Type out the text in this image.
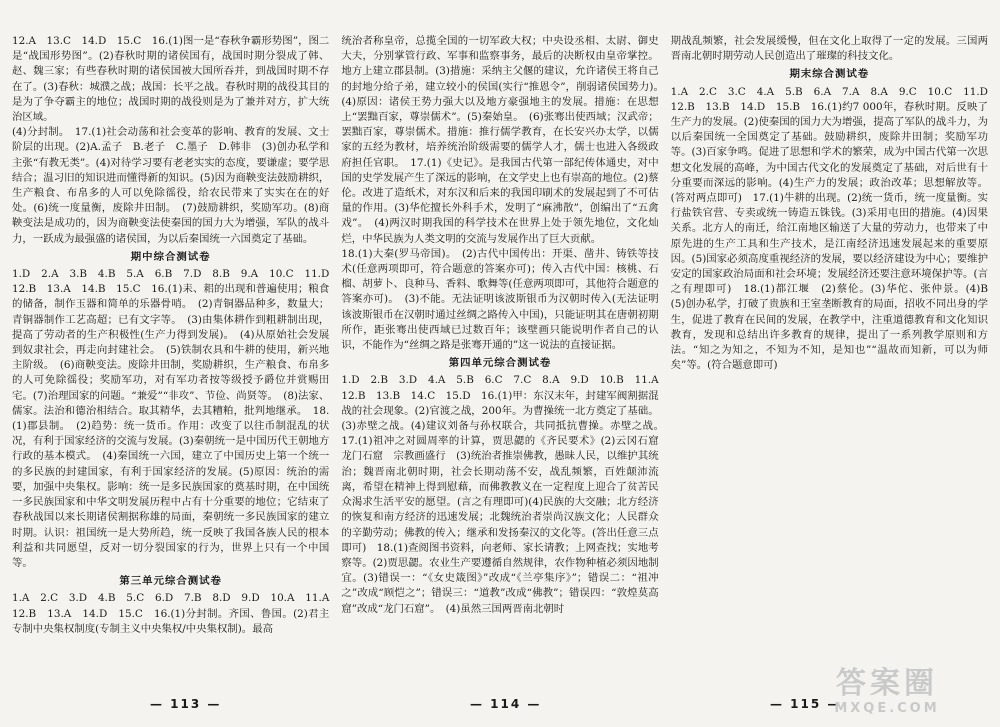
12.A　13.C　14.D　15.C　16.(1)图一是“春秋争霸形势图”，图二是“战国形势图”。(2)春秋时期的诸侯国有，战国时期分裂成了韩、赵、魏三家；有些春秋时期的诸侯国被大国所吞并，到战国时期不存在了。(3)春秋：城濮之战；战国：长平之战。春秋时期的战役其目的是为了争夺霸主的地位；战国时期的战役则是为了兼并对方，扩大统治区域。

(4)分封制。　17.(1)社会动荡和社会变革的影响、教育的发展、文士阶层的出现。(2)A.孟子　B.老子　C.墨子　D.韩非　(3)创办私学和主张“有教无类”。(4)对待学习要有老老实实的态度，要谦虚；要学思结合；温习旧的知识进而懂得新的知识。(5)因为商鞅变法鼓励耕织，生产粮食、布帛多的人可以免除徭役，给农民带来了实实在在的好处。(6)统一度量衡，废除井田制。　(7)鼓励耕织，奖励军功。(8)商鞅变法是成功的，因为商鞅变法使秦国的国力大为增强，军队的战斗力，一跃成为最强盛的诸侯国，为以后秦国统一六国奠定了基础。

期中综合测试卷

1.D　2.A　3.B　4.B　5.A　6.B　7.D　8.B　9.A　10.C　11.D　12.B　13.A　14.B　15.C　16.(1)耒、耜的出现和普遍使用；粮食的储备，制作玉器和简单的乐器骨哨。　(2)青铜器品种多，数量大；青铜器制作工艺高超；已有文字等。　(3)由集体耕作到粗耕制出现，提高了劳动者的生产积极性(生产力得到发展)。　(4)从原始社会发展到奴隶社会，再走向封建社会。　(5)铁制农具和牛耕的使用，新兴地主阶级。　(6)商鞅变法。废除井田制，奖励耕织，生产粮食、布帛多的人可免除徭役；奖励军功，对有军功者按等级授予爵位并赏赐田宅。(7)治理国家的问题。“兼爱”“非攻”、节俭、尚贤等。　(8)法家、儒家。法治和德治相结合。取其精华，去其糟粕，批判地继承。　18.(1)郡县制。　(2)趋势：统一货币。作用：改变了以往币制混乱的状况，有利于国家经济的交流与发展。(3)秦朝统一是中国历代王朝地方行政的基本模式。　(4)秦国统一六国，建立了中国历史上第一个统一的多民族的封建国家，有利于国家经济的发展。(5)原因：统治的需要，加强中央集权。影响：统一是多民族国家的奠基时期，在中国统一多民族国家和中华文明发展历程中占有十分重要的地位；它结束了春秋战国以来长期诸侯割据称雄的局面，秦朝统一多民族国家的建立时期。认识：祖国统一是大势所趋，统一反映了我国各族人民的根本利益和共同愿望，反对一切分裂国家的行为，世界上只有一个中国等。

第三单元综合测试卷

1.A　2.C　3.D　4.B　5.C　6.D　7.B　8.D　9.D　10.A　11.A　12.B　13.A　14.D　15.C　16.(1)分封制。齐国、鲁国。(2)君主专制中央集权制度(专制主义中央集权/中央集权制)。最高

统治者称皇帝，总揽全国的一切军政大权；中央设丞相、太尉、御史大夫，分别掌管行政、军事和监察事务，最后的决断权由皇帝掌控。地方上建立郡县制。(3)措施：采纳主父偃的建议，允许诸侯王将自己的封地分给子弟，建立较小的侯国(实行“推恩令”，削弱诸侯国势力)。　(4)原因：诸侯王势力强大以及地方豪强地主的发展。措施：在思想上“罢黜百家，尊崇儒术”。(5)秦始皇。　(6)张骞出使西域；汉武帝；罢黜百家，尊崇儒术。措施：推行儒学教育，在长安兴办太学，以儒家的五经为教材，培养统治阶级需要的儒学人才，儒士也进入各级政府担任官职。　17.(1)《史记》。是我国古代第一部纪传体通史，对中国的史学发展产生了深远的影响，在文学史上也有崇高的地位。(2)蔡伦。改进了造纸术，对东汉和后来的我国印刷术的发展起到了不可估量的作用。(3)华佗擅长外科手术，发明了“麻沸散”，创编出了“五禽戏”。　(4)两汉时期我国的科学技术在世界上处于领先地位，文化灿烂，中华民族为人类文明的交流与发展作出了巨大贡献。

18.(1)大秦(罗马帝国)。　(2)古代中国传出：开渠、凿井、铸铁等技术(任意两项即可，符合题意的答案亦可)；传入古代中国：核桃、石榴、胡萝卜、良种马、香料、歌舞等(任意两项即可，其他符合题意的答案亦可)。　(3)不能。无法证明该波斯银币为汉朝时传入(无法证明该波斯银币在汉朝时通过丝绸之路传入中国)，只能证明其在唐朝初期所作，距张骞出使西域已过数百年；该壁画只能说明作者自己的认识，不能作为“丝绸之路是张骞开通的”这一说法的直接证据。

第四单元综合测试卷

1.D　2.B　3.D　4.A　5.B　6.C　7.C　8.A　9.D　10.B　11.A　12.B　13.B　14.C　15.D　16.(1)甲：东汉末年，封建军阀割据混战的社会现象。(2)官渡之战，200年。为曹操统一北方奠定了基础。(3)赤壁之战。(4)建议刘备与孙权联合，共同抵抗曹操。赤壁之战。　17.(1)祖冲之对圆周率的计算，贾思勰的《齐民要术》(2)云冈石窟　龙门石窟　宗教画盛行　(3)统治者推崇佛教，愚昧人民，以维护其统治；魏晋南北朝时期，社会长期动荡不安，战乱频繁，百姓颠沛流离，希望在精神上得到慰藉，而佛教教义在一定程度上迎合了贫苦民众渴求生活平安的愿望。(言之有理即可)(4)民族的大交融；北方经济的恢复和南方经济的迅速发展；北魏统治者崇尚汉族文化；人民群众的辛勤劳动；佛教的传入；继承和发扬秦汉的文化等。(答出任意三点即可)　18.(1)查阅图书资料，向老师、家长请教；上网查找；实地考察等。(2)贾思勰。农业生产要遵循自然规律，农作物种植必须因地制宜。(3)错误一：“《女史箴图》”改成“《兰亭集序》”；错误二：“祖冲之”改成“顾恺之”；错误三：“道教”改成“佛教”；错误四：“敦煌莫高窟”改成“龙门石窟”。　(4)虽然三国两晋南北朝时

期战乱频繁，社会发展缓慢，但在文化上取得了一定的发展。三国两晋南北朝时期劳动人民创造出了璀璨的科技文化。

期末综合测试卷

1.A　2.C　3.C　4.A　5.B　6.A　7.A　8.A　9.C　10.C　11.D　12.B　13.B　14.D　15.B　16.(1)约7 000年，春秋时期。反映了生产力的发展。(2)使秦国的国力大为增强，提高了军队的战斗力，为以后秦国统一全国奠定了基础。鼓励耕织，废除井田制；奖励军功等。(3)百家争鸣。促进了思想和学术的繁荣，成为中国古代第一次思想文化发展的高峰，为中国古代文化的发展奠定了基础，对后世有十分重要而深远的影响。(4)生产力的发展；政治改革；思想解放等。(答对两点即可)　17.(1)牛耕的出现。(2)统一货币，统一度量衡。实行盐铁官营、专卖或统一铸造五铢钱。(3)采用屯田的措施。(4)因果关系。北方人的南迁，给江南地区输送了大量的劳动力，也带来了中原先进的生产工具和生产技术，是江南经济迅速发展起来的重要原因。(5)国家必须高度重视经济的发展，要以经济建设为中心；要维护安定的国家政治局面和社会环境；发展经济还要注意环境保护等。(言之有理即可)　18.(1)都江堰　(2)蔡伦。(3)华佗、张仲景。(4)B　(5)创办私学，打破了贵族和王室垄断教育的局面，招收不同出身的学生，促进了教育在民间的发展，在教学中，注重道德教育和文化知识教育，发现和总结出许多教育的规律，提出了一系列教学原则和方法。“知之为知之，不知为不知，是知也”“温故而知新，可以为师矣”等。(符合题意即可)

— 113 —	— 114 —	— 115 —
答案圈
MXQE.COM
